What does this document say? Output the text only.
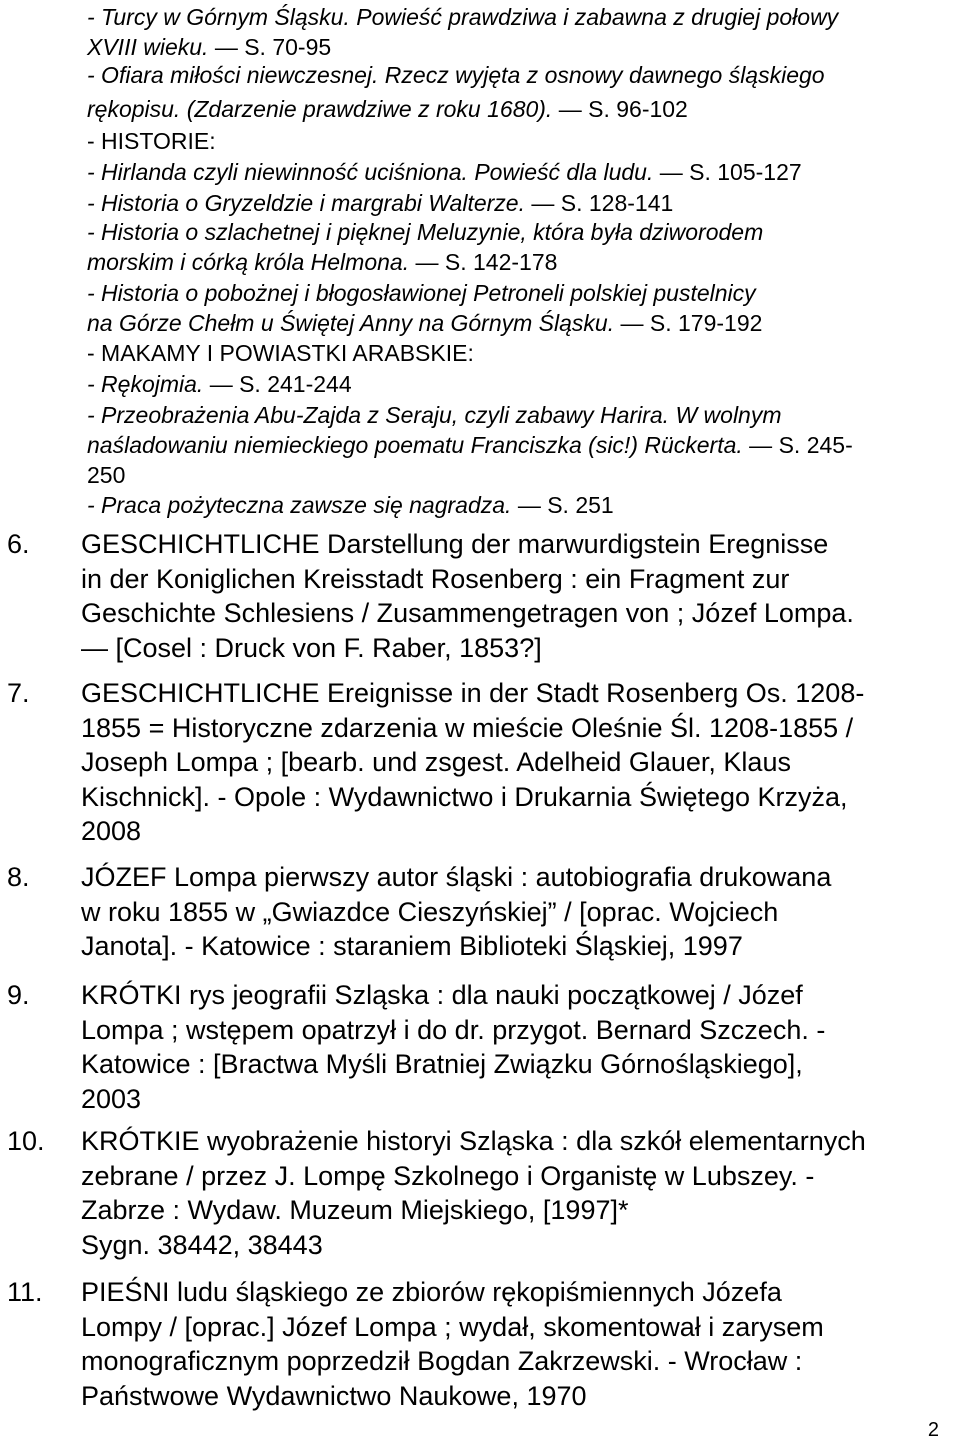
- Turcy w Górnym Śląsku. Powieść prawdziwa i zabawna z drugiej połowy
XVIII wieku. — S. 70-95
- Ofiara miłości niewczesnej. Rzecz wyjęta z osnowy dawnego śląskiego
rękopisu. (Zdarzenie prawdziwe z roku 1680). — S. 96-102
- HISTORIE:
- Hirlanda czyli niewinność uciśniona. Powieść dla ludu. — S. 105-127
- Historia o Gryzeldzie i margrabi Walterze. — S. 128-141
- Historia o szlachetnej i pięknej Meluzynie, która była dziworodem
morskim i córką króla Helmona. — S. 142-178
- Historia o pobożnej i błogosławionej Petroneli polskiej pustelnicy
na Górze Chełm u Świętej Anny na Górnym Śląsku. — S. 179-192
- MAKAMY I POWIASTKI ARABSKIE:
- Rękojmia. — S. 241-244
- Przeobrażenia Abu-Zajda z Seraju, czyli zabawy Harira. W wolnym
naśladowaniu niemieckiego poematu Franciszka (sic!) Rückerta. — S. 245-
250
- Praca pożyteczna zawsze się nagradza. — S. 251
6. GESCHICHTLICHE Darstellung der marwurdigstein Eregnisse
in der Koniglichen Kreisstadt Rosenberg : ein Fragment zur
Geschichte Schlesiens / Zusammengetragen von ; Józef Lompa.
— [Cosel : Druck von F. Raber, 1853?]
7. GESCHICHTLICHE Ereignisse in der Stadt Rosenberg Os. 1208-
1855 = Historyczne zdarzenia w mieście Oleśnie Śl. 1208-1855 /
Joseph Lompa ; [bearb. und zsgest. Adelheid Glauer, Klaus
Kischnick]. - Opole : Wydawnictwo i Drukarnia Świętego Krzyża,
2008
8. JÓZEF Lompa pierwszy autor śląski : autobiografia drukowana
w roku 1855 w „Gwiazdce Cieszyńskiej” / [oprac. Wojciech
Janota]. - Katowice : staraniem Biblioteki Śląskiej, 1997
9. KRÓTKI rys jeografii Szląska : dla nauki początkowej / Józef
Lompa ; wstępem opatrzył i do dr. przygot. Bernard Szczech. -
Katowice : [Bractwa Myśli Bratniej Związku Górnośląskiego],
2003
10. KRÓTKIE wyobrażenie historyi Szląska : dla szkół elementarnych
zebrane / przez J. Lompę Szkolnego i Organistę w Lubszey. -
Zabrze : Wydaw. Muzeum Miejskiego, [1997]*
Sygn. 38442, 38443
11. PIEŚNI ludu śląskiego ze zbiorów rękopiśmiennych Józefa
Lompy / [oprac.] Józef Lompa ; wydał, skomentował i zarysem
monograficznym poprzedził Bogdan Zakrzewski. - Wrocław :
Państwowe Wydawnictwo Naukowe, 1970
2
